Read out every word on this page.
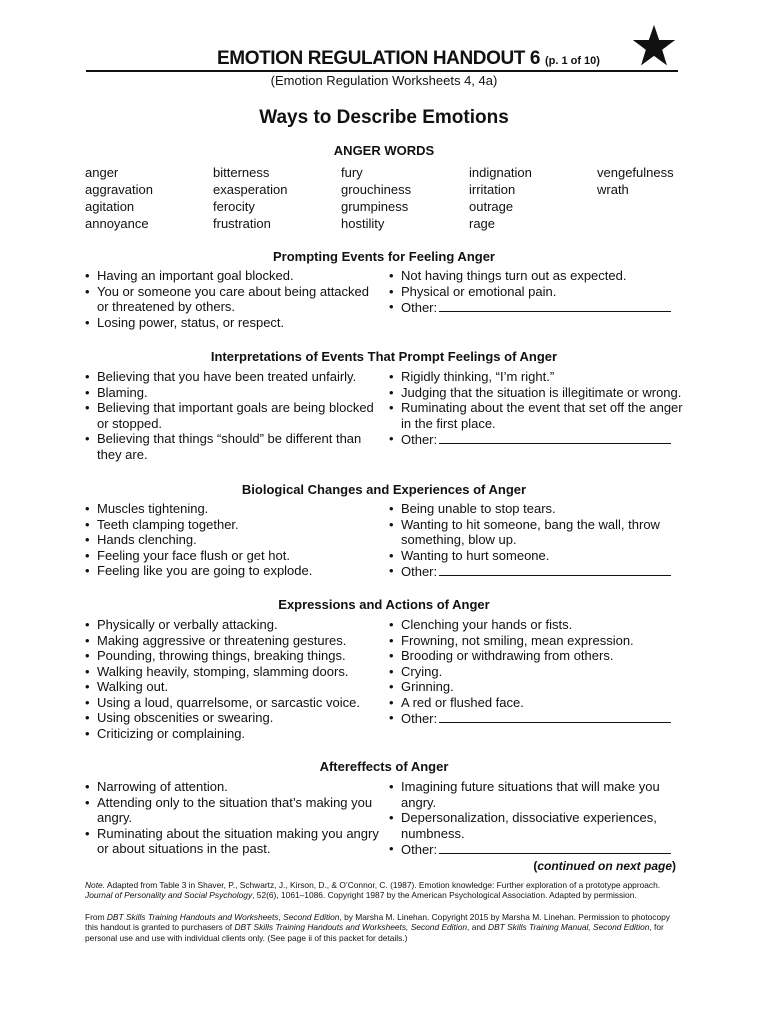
EMOTION REGULATION HANDOUT 6 (p. 1 of 10)
(Emotion Regulation Worksheets 4, 4a)
Ways to Describe Emotions
ANGER WORDS
anger	bitterness	fury	indignation	vengefulness
aggravation	exasperation	grouchiness	irritation	wrath
agitation	ferocity	grumpiness	outrage
annoyance	frustration	hostility	rage
Prompting Events for Feeling Anger
• Having an important goal blocked.
• You or someone you care about being attacked or threatened by others.
• Losing power, status, or respect.
• Not having things turn out as expected.
• Physical or emotional pain.
• Other:
Interpretations of Events That Prompt Feelings of Anger
• Believing that you have been treated unfairly.
• Blaming.
• Believing that important goals are being blocked or stopped.
• Believing that things “should” be different than they are.
• Rigidly thinking, “I’m right.”
• Judging that the situation is illegitimate or wrong.
• Ruminating about the event that set off the anger in the first place.
• Other:
Biological Changes and Experiences of Anger
• Muscles tightening.
• Teeth clamping together.
• Hands clenching.
• Feeling your face flush or get hot.
• Feeling like you are going to explode.
• Being unable to stop tears.
• Wanting to hit someone, bang the wall, throw something, blow up.
• Wanting to hurt someone.
• Other:
Expressions and Actions of Anger
• Physically or verbally attacking.
• Making aggressive or threatening gestures.
• Pounding, throwing things, breaking things.
• Walking heavily, stomping, slamming doors.
• Walking out.
• Using a loud, quarrelsome, or sarcastic voice.
• Using obscenities or swearing.
• Criticizing or complaining.
• Clenching your hands or fists.
• Frowning, not smiling, mean expression.
• Brooding or withdrawing from others.
• Crying.
• Grinning.
• A red or flushed face.
• Other:
Aftereffects of Anger
• Narrowing of attention.
• Attending only to the situation that’s making you angry.
• Ruminating about the situation making you angry or about situations in the past.
• Imagining future situations that will make you angry.
• Depersonalization, dissociative experiences, numbness.
• Other:
(continued on next page)

Note. Adapted from Table 3 in Shaver, P., Schwartz, J., Kirson, D., & O’Connor, C. (1987). Emotion knowledge: Further exploration of a prototype approach. Journal of Personality and Social Psychology, 52(6), 1061–1086. Copyright 1987 by the American Psychological Association. Adapted by permission.

From DBT Skills Training Handouts and Worksheets, Second Edition, by Marsha M. Linehan. Copyright 2015 by Marsha M. Linehan. Permission to photocopy this handout is granted to purchasers of DBT Skills Training Handouts and Worksheets, Second Edition, and DBT Skills Training Manual, Second Edition, for personal use and use with individual clients only. (See page ii of this packet for details.)
